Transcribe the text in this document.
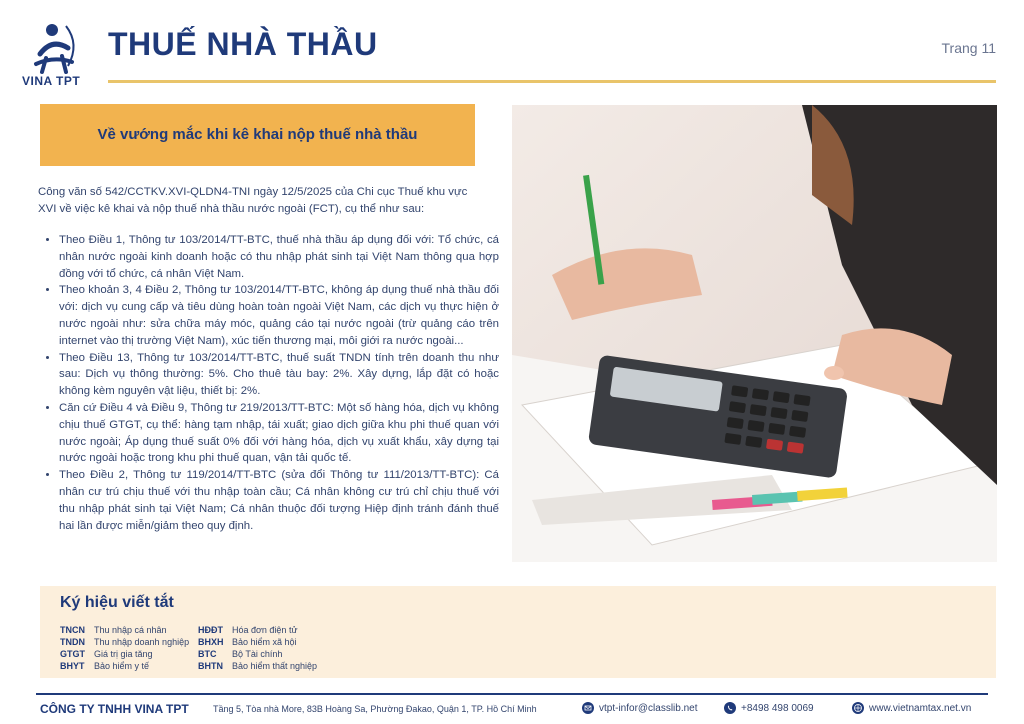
VINA TPT
THUẾ NHÀ THẦU	Trang 11
Về vướng mắc khi kê khai nộp thuế nhà thầu
Công văn số 542/CCTKV.XVI-QLDN4-TNI ngày 12/5/2025 của Chi cục Thuế khu vực XVI về việc kê khai và nộp thuế nhà thầu nước ngoài (FCT), cụ thể như sau:
• Theo Điều 1, Thông tư 103/2014/TT-BTC, thuế nhà thầu áp dụng đối với: Tổ chức, cá nhân nước ngoài kinh doanh hoặc có thu nhập phát sinh tại Việt Nam thông qua hợp đồng với tổ chức, cá nhân Việt Nam.
• Theo khoản 3, 4 Điều 2, Thông tư 103/2014/TT-BTC, không áp dụng thuế nhà thầu đối với: dịch vụ cung cấp và tiêu dùng hoàn toàn ngoài Việt Nam, các dịch vụ thực hiện ở nước ngoài như: sửa chữa máy móc, quảng cáo tại nước ngoài (trừ quảng cáo trên internet vào thị trường Việt Nam), xúc tiến thương mại, môi giới ra nước ngoài...
• Theo Điều 13, Thông tư 103/2014/TT-BTC, thuế suất TNDN tính trên doanh thu như sau: Dịch vụ thông thường: 5%. Cho thuê tàu bay: 2%. Xây dựng, lắp đặt có hoặc không kèm nguyên vật liệu, thiết bị: 2%.
• Căn cứ Điều 4 và Điều 9, Thông tư 219/2013/TT-BTC: Một số hàng hóa, dịch vụ không chịu thuế GTGT, cụ thể: hàng tạm nhập, tái xuất; giao dịch giữa khu phi thuế quan với nước ngoài; Áp dụng thuế suất 0% đối với hàng hóa, dịch vụ xuất khẩu, xây dựng tại nước ngoài hoặc trong khu phi thuế quan, vận tải quốc tế.
• Theo Điều 2, Thông tư 119/2014/TT-BTC (sửa đổi Thông tư 111/2013/TT-BTC): Cá nhân cư trú chịu thuế với thu nhập toàn cầu; Cá nhân không cư trú chỉ chịu thuế với thu nhập phát sinh tại Việt Nam; Cá nhân thuộc đối tượng Hiệp định tránh đánh thuế hai lần được miễn/giảm theo quy định.
Ký hiệu viết tắt
TNCN	Thu nhập cá nhân
TNDN	Thu nhập doanh nghiệp
GTGT	Giá trị gia tăng
BHYT	Bảo hiểm y tế
HĐĐT	Hóa đơn điện tử
BHXH Bảo hiểm xã hội
BTC	Bộ Tài chính
BHTN	Bảo hiểm thất nghiệp
CÔNG TY TNHH VINA TPT	Tầng 5, Tòa nhà More, 83B Hoàng Sa, Phường Đakao, Quận 1, TP. Hồ Chí Minh	vtpt-infor@classlib.net	+8498 498 0069	www.vietnamtax.net.vn
